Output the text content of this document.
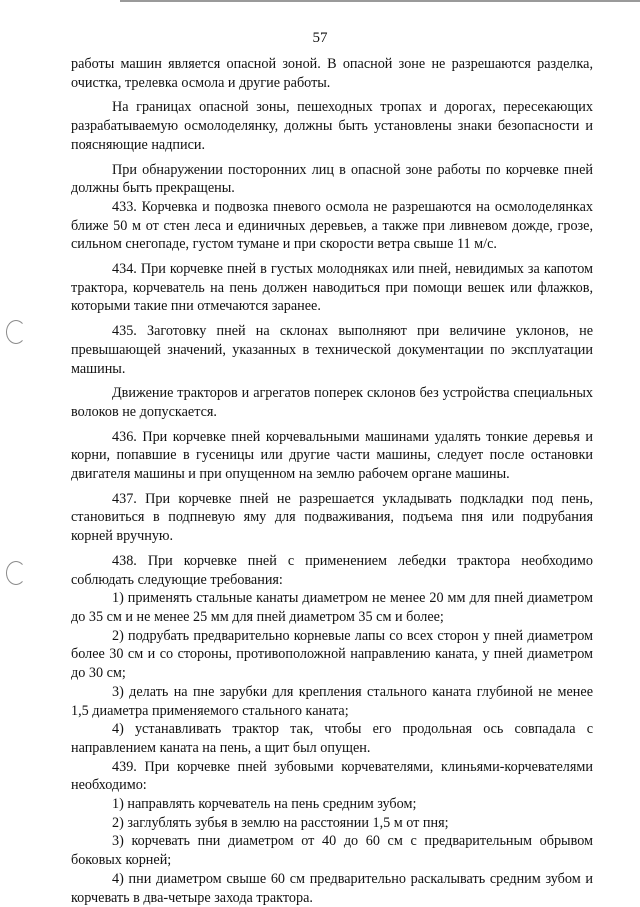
57

работы машин является опасной зоной. В опасной зоне не разрешаются разделка, очистка, трелевка осмола и другие работы.

На границах опасной зоны, пешеходных тропах и дорогах, пересекающих разрабатываемую осмолоделянку, должны быть установлены знаки безопасности и поясняющие надписи.

При обнаружении посторонних лиц в опасной зоне работы по корчевке пней должны быть прекращены.

433. Корчевка и подвозка пневого осмола не разрешаются на осмолоделянках ближе 50 м от стен леса и единичных деревьев, а также при ливневом дожде, грозе, сильном снегопаде, густом тумане и при скорости ветра свыше 11 м/с.

434. При корчевке пней в густых молодняках или пней, невидимых за капотом трактора, корчеватель на пень должен наводиться при помощи вешек или флажков, которыми такие пни отмечаются заранее.

435. Заготовку пней на склонах выполняют при величине уклонов, не превышающей значений, указанных в технической документации по эксплуатации машины.

Движение тракторов и агрегатов поперек склонов без устройства специальных волоков не допускается.

436. При корчевке пней корчевальными машинами удалять тонкие деревья и корни, попавшие в гусеницы или другие части машины, следует после остановки двигателя машины и при опущенном на землю рабочем органе машины.

437. При корчевке пней не разрешается укладывать подкладки под пень, становиться в подпневую яму для подваживания, подъема пня или подрубания корней вручную.

438. При корчевке пней с применением лебедки трактора необходимо соблюдать следующие требования:

1) применять стальные канаты диаметром не менее 20 мм для пней диаметром до 35 см и не менее 25 мм для пней диаметром 35 см и более;

2) подрубать предварительно корневые лапы со всех сторон у пней диаметром более 30 см и со стороны, противоположной направлению каната, у пней диаметром до 30 см;

3) делать на пне зарубки для крепления стального каната глубиной не менее 1,5 диаметра применяемого стального каната;

4) устанавливать трактор так, чтобы его продольная ось совпадала с направлением каната на пень, а щит был опущен.

439. При корчевке пней зубовыми корчевателями, клиньями-корчевателями необходимо:

1) направлять корчеватель на пень средним зубом;

2) заглублять зубья в землю на расстоянии 1,5 м от пня;

3) корчевать пни диаметром от 40 до 60 см с предварительным обрывом боковых корней;

4) пни диаметром свыше 60 см предварительно раскалывать средним зубом и корчевать в два-четыре захода трактора.
